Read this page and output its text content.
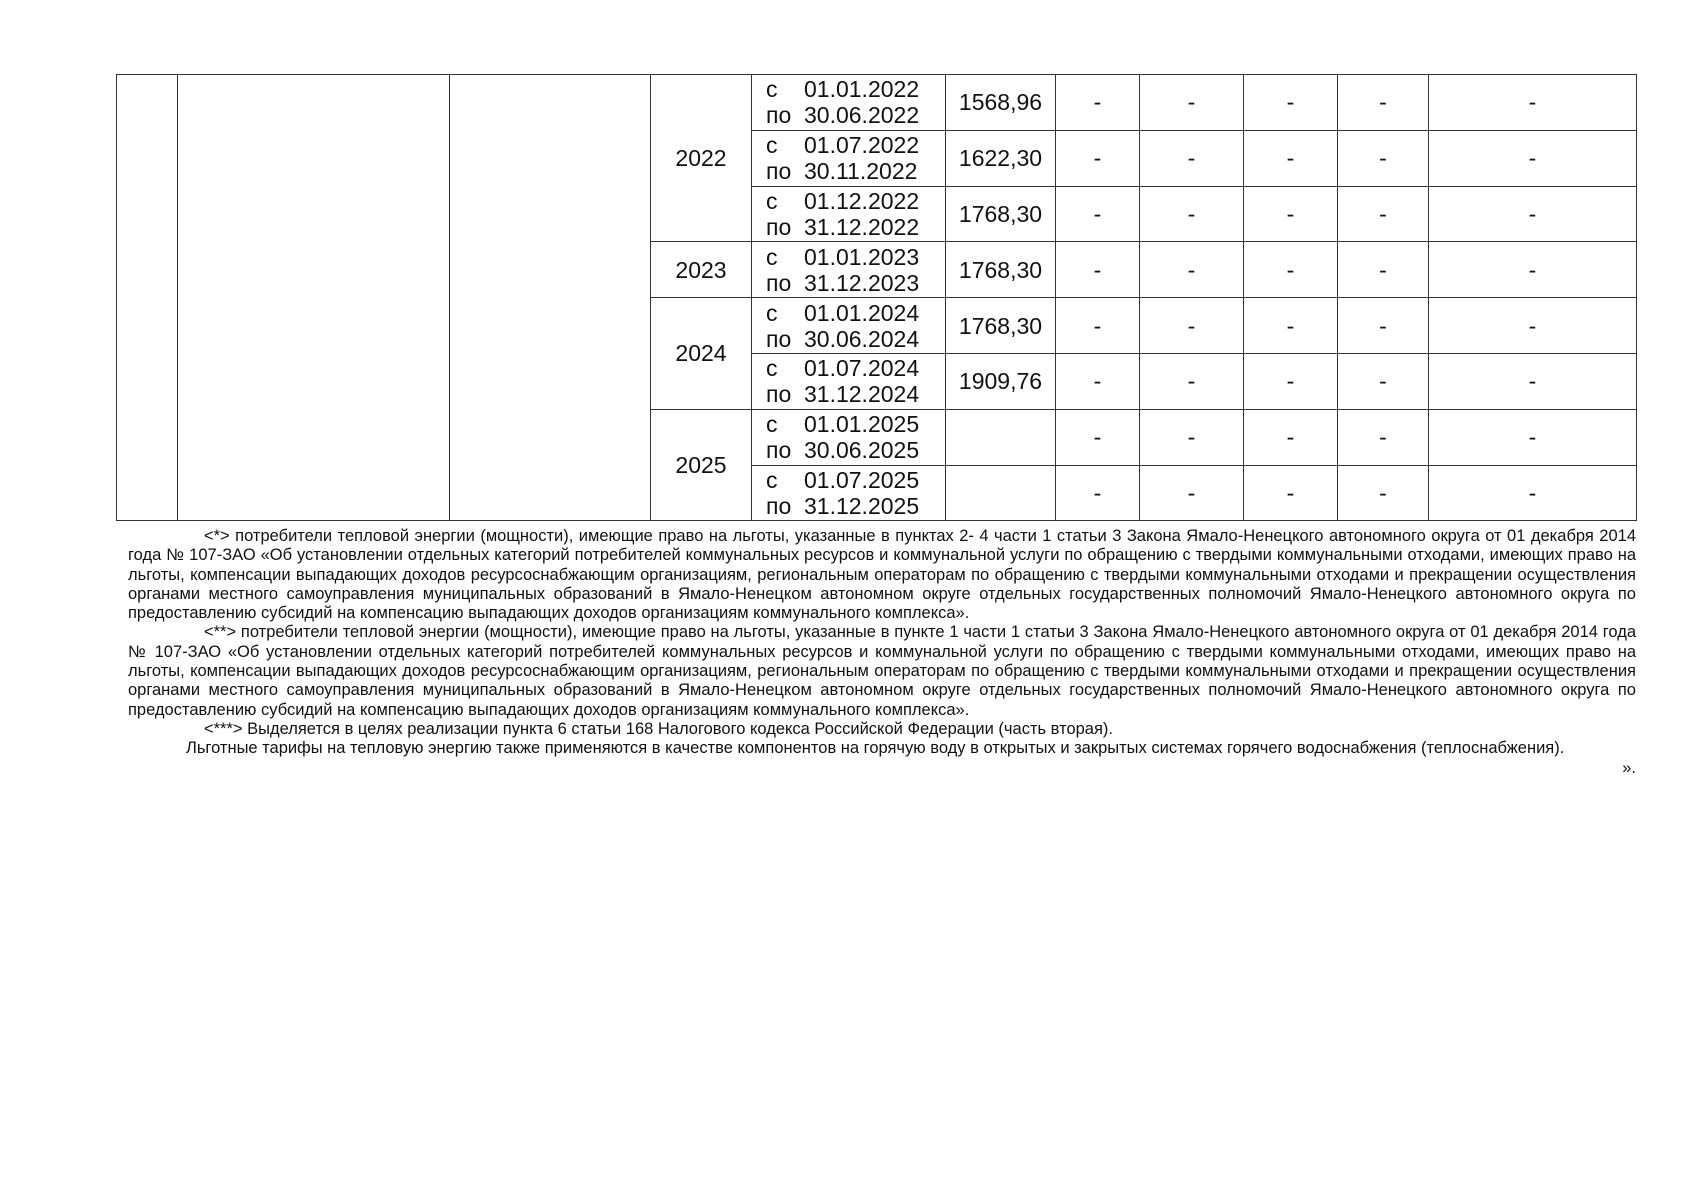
			2022	с 01.01.2022
по 30.06.2022	1568,96	-	-	-	-	-

				с 01.07.2022
по 30.11.2022	1622,30	-	-	-	-	-

				с 01.12.2022
по 31.12.2022	1768,30	-	-	-	-	-
			2023	с 01.01.2023
по 31.12.2023	1768,30	-	-	-	-	-
			2024	с 01.01.2024
по 30.06.2024	1768,30	-	-	-	-	-

				с 01.07.2024
по 31.12.2024	1909,76	-	-	-	-	-
			2025	с 01.01.2025
по 30.06.2025		-	-	-	-	-

				с 01.07.2025
по 31.12.2025		-	-	-	-	-

<*> потребители тепловой энергии (мощности), имеющие право на льготы, указанные в пунктах 2- 4 части 1 статьи 3 Закона Ямало-Ненецкого автономного округа от 01 декабря 2014 года № 107-ЗАО «Об установлении отдельных категорий потребителей коммунальных ресурсов и коммунальной услуги по обращению с твердыми коммунальными отходами, имеющих право на льготы, компенсации выпадающих доходов ресурсоснабжающим организациям, региональным операторам по обращению с твердыми коммунальными отходами и прекращении осуществления органами местного самоуправления муниципальных образований в Ямало-Ненецком автономном округе отдельных государственных полномочий Ямало-Ненецкого автономного округа по предоставлению субсидий на компенсацию выпадающих доходов организациям коммунального комплекса».

<**> потребители тепловой энергии (мощности), имеющие право на льготы, указанные в пункте 1 части 1 статьи 3 Закона Ямало-Ненецкого автономного округа от 01 декабря 2014 года № 107-ЗАО «Об установлении отдельных категорий потребителей коммунальных ресурсов и коммунальной услуги по обращению с твердыми коммунальными отходами, имеющих право на льготы, компенсации выпадающих доходов ресурсоснабжающим организациям, региональным операторам по обращению с твердыми коммунальными отходами и прекращении осуществления органами местного самоуправления муниципальных образований в Ямало-Ненецком автономном округе отдельных государственных полномочий Ямало-Ненецкого автономного округа по предоставлению субсидий на компенсацию выпадающих доходов организациям коммунального комплекса».

<***> Выделяется в целях реализации пункта 6 статьи 168 Налогового кодекса Российской Федерации (часть вторая).

Льготные тарифы на тепловую энергию также применяются в качестве компонентов на горячую воду в открытых и закрытых системах горячего водоснабжения (теплоснабжения).
».
